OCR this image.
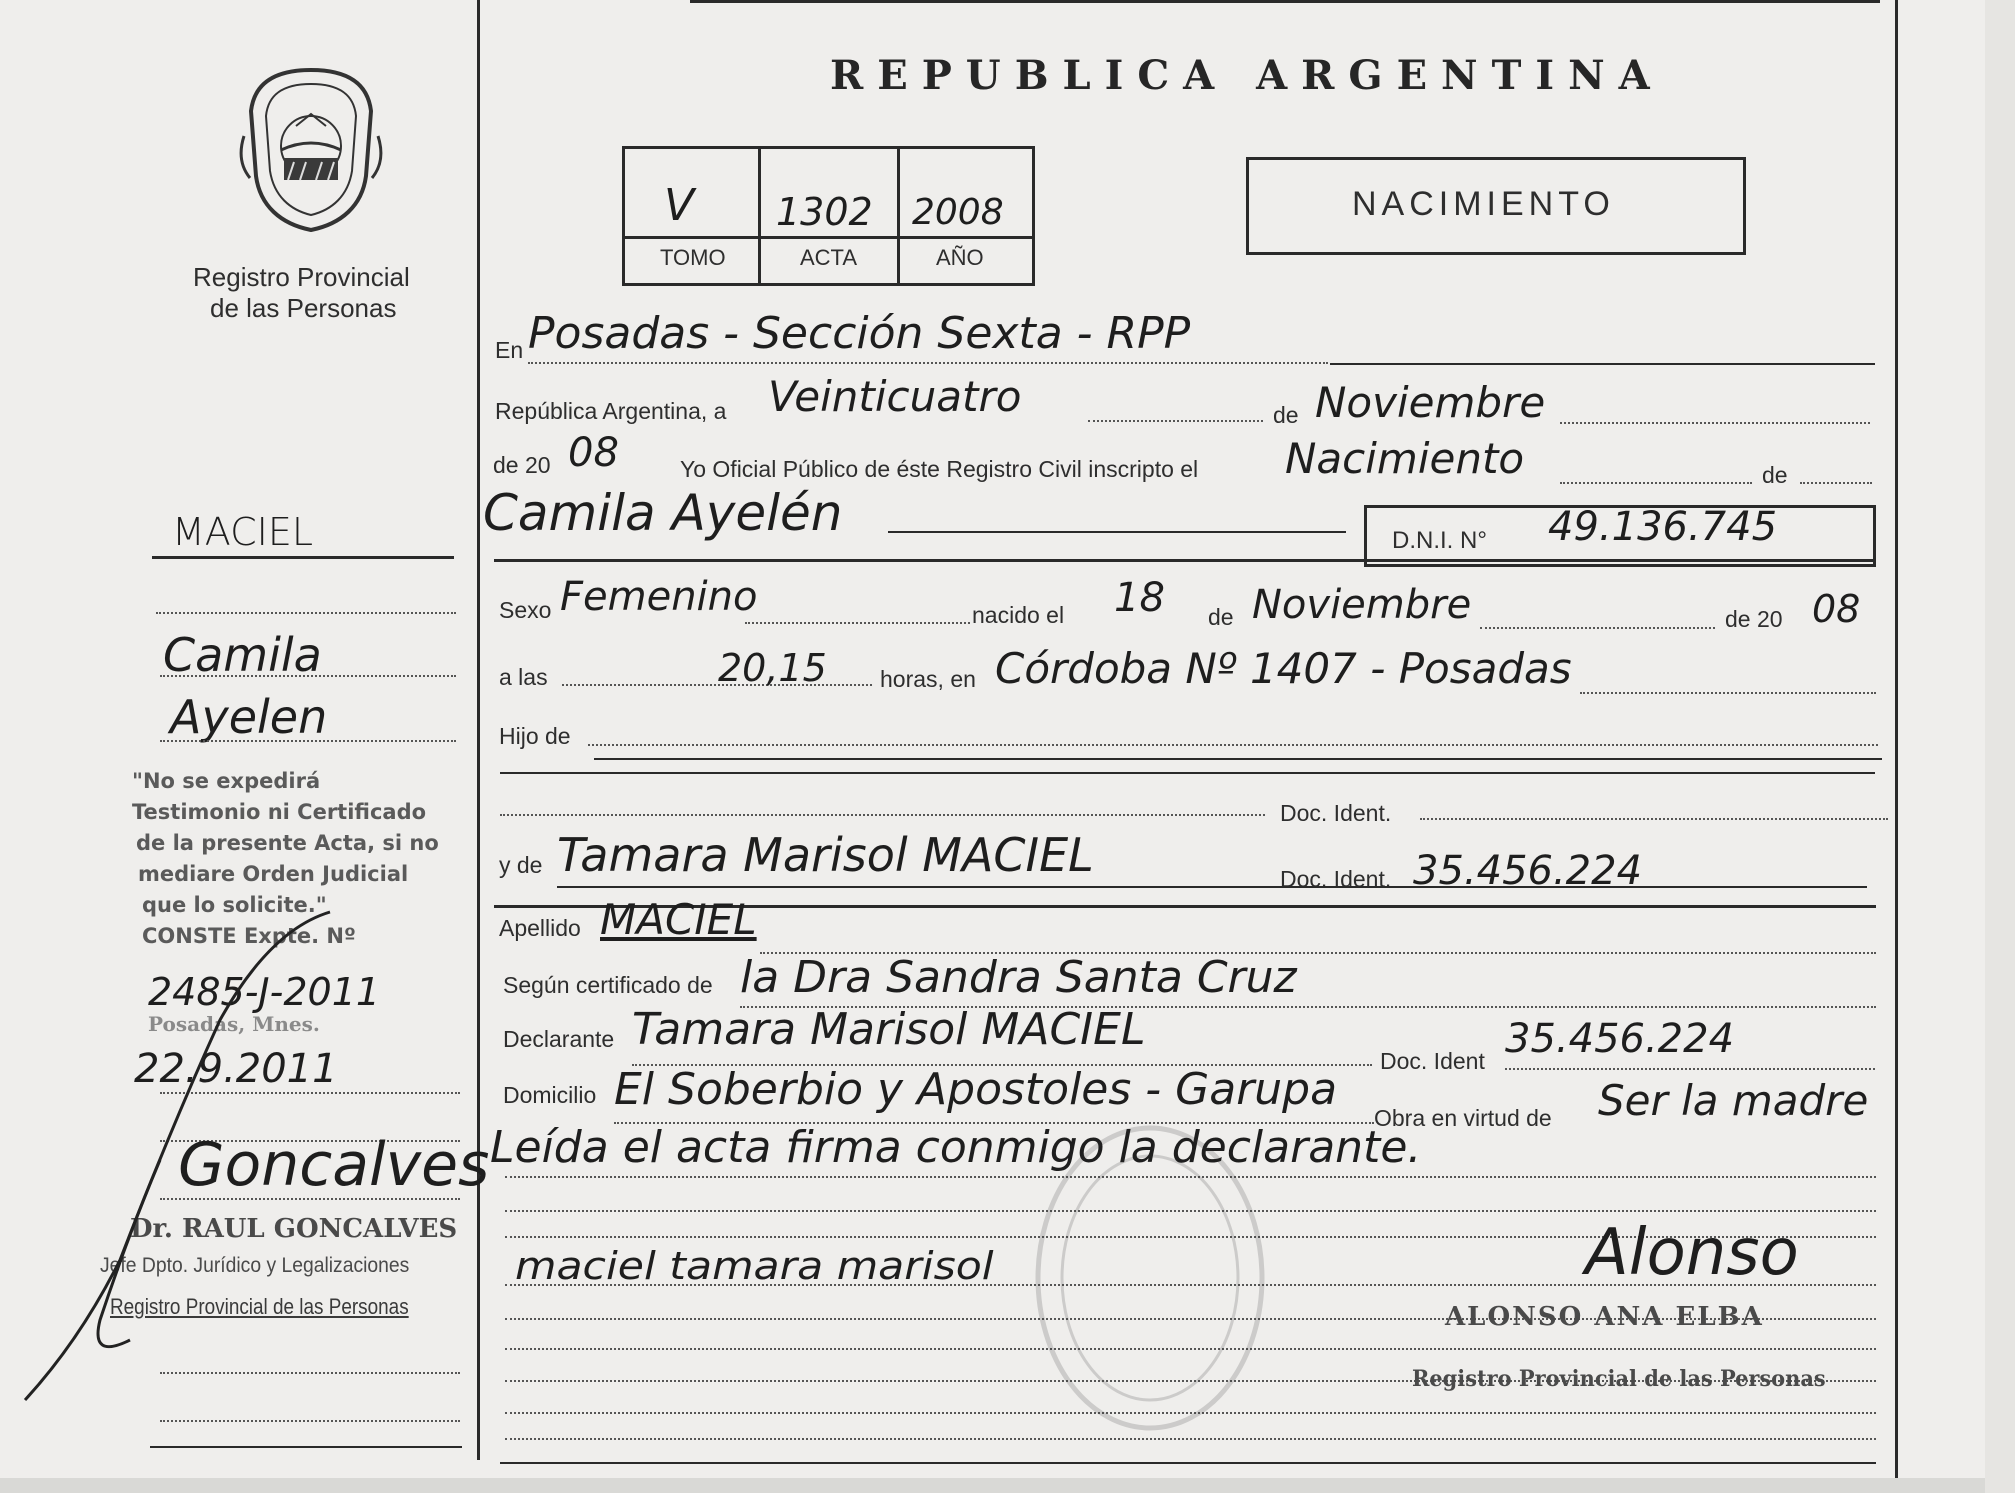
Registro Provincial
de las Personas
REPUBLICA ARGENTINA
V 1302 2008
TOMO	ACTA	AÑO
NACIMIENTO
En Posadas - Sección Sexta - RPP
República Argentina, a Veinticuatro	de Noviembre
de 20 08	Yo Oficial Público de éste Registro Civil inscripto el Nacimiento	de
Camila Ayelén	D.N.I. N° 49.136.745
Sexo Femenino	nacido el 18 de Noviembre	de 20 08
a las	20,15 horas, en Córdoba Nº 1407 - Posadas
Hijo de
Doc. Ident.
y de Tamara Marisol MACIEL	Doc. Ident. 35.456.224
Apellido MACIEL
Según certificado de la Dra Sandra Santa Cruz
Declarante Tamara Marisol MACIEL
Doc. Ident 35.456.224
Domicilio El Soberbio y Apostoles - Garupa
Obra en virtud de Ser la madre
Leída el acta firma conmigo la declarante.
maciel tamara marisol	Alonso
ALONSO ANA ELBA
Registro Provincial de las Personas
MACIEL
Camila
Ayelen
"No se expedirá
Testimonio ni Certificado
de la presente Acta, si no
mediare Orden Judicial
que lo solicite."
CONSTE Expte. Nº
2485-J-2011
Posadas, Mnes.
22.9.2011
Goncalves
Dr. RAUL GONCALVES
Jefe Dpto. Jurídico y Legalizaciones
Registro Provincial de las Personas
